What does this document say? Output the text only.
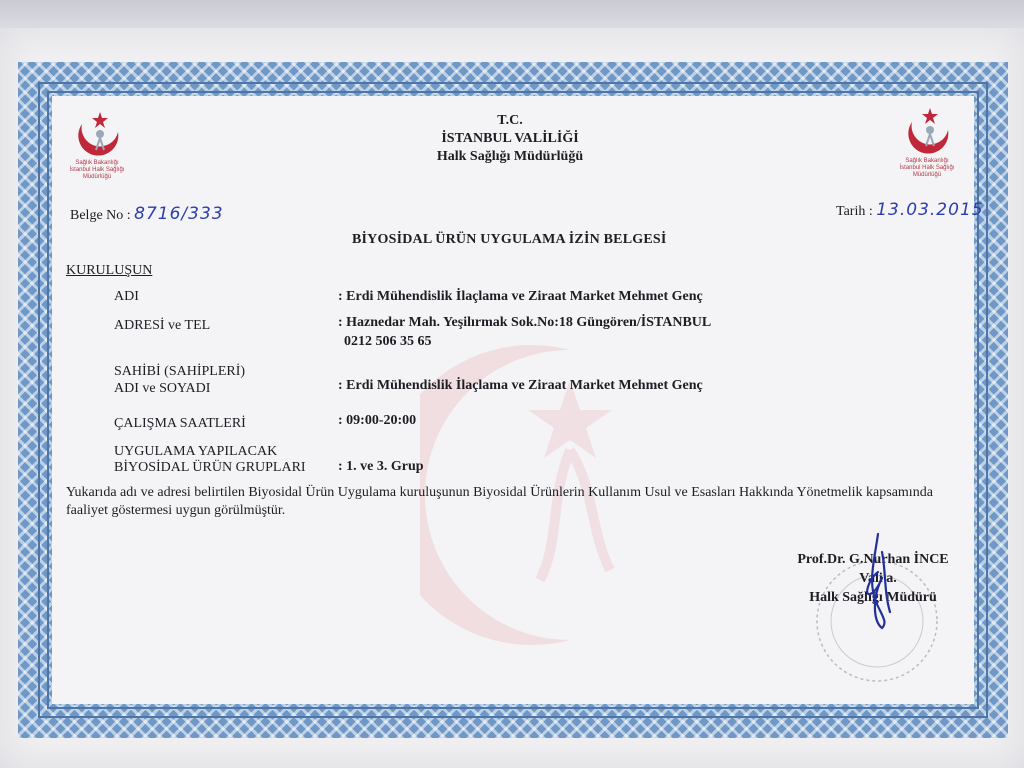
Sağlık Bakanlığı
İstanbul Halk Sağlığı
Müdürlüğü
Sağlık Bakanlığı
İstanbul Halk Sağlığı
Müdürlüğü
T.C.
İSTANBUL VALİLİĞİ
Halk Sağlığı Müdürlüğü
Belge No : 8716/333	Tarih : 13.03.2015
BİYOSİDAL ÜRÜN UYGULAMA İZİN BELGESİ
KURULUŞUN
ADI	: Erdi Mühendislik İlaçlama ve Ziraat Market Mehmet Genç
ADRESİ ve TEL	: Haznedar Mah. Yeşilırmak Sok.No:18 Güngören/İSTANBUL
0212 506 35 65
SAHİBİ (SAHİPLERİ)
ADI ve SOYADI	: Erdi Mühendislik İlaçlama ve Ziraat Market Mehmet Genç
ÇALIŞMA SAATLERİ	: 09:00-20:00
UYGULAMA YAPILACAK
BİYOSİDAL ÜRÜN GRUPLARI : 1. ve 3. Grup
Yukarıda adı ve adresi belirtilen Biyosidal Ürün Uygulama kuruluşunun Biyosidal Ürünlerin Kullanım Usul ve Esasları Hakkında Yönetmelik kapsamında faaliyet göstermesi uygun görülmüştür.
Prof.Dr. G.Nurhan İNCE
Vali a.
Halk Sağlığı Müdürü
